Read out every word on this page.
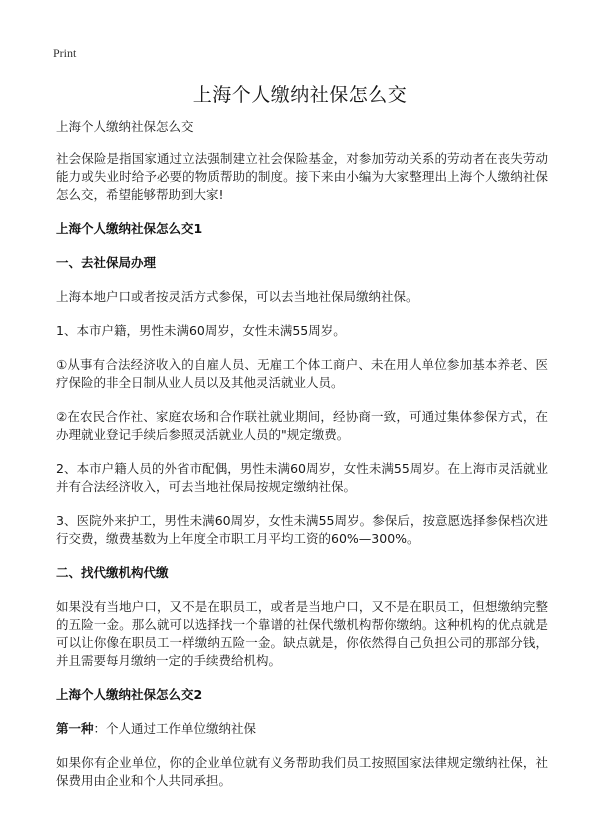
Print
上海个人缴纳社保怎么交

上海个人缴纳社保怎么交

社会保险是指国家通过立法强制建立社会保险基金，对参加劳动关系的劳动者在丧失劳动能力或失业时给予必要的物质帮助的制度。接下来由小编为大家整理出上海个人缴纳社保怎么交，希望能够帮助到大家!

上海个人缴纳社保怎么交1

一、去社保局办理

上海本地户口或者按灵活方式参保，可以去当地社保局缴纳社保。

1、本市户籍，男性未满60周岁，女性未满55周岁。

①从事有合法经济收入的自雇人员、无雇工个体工商户、未在用人单位参加基本养老、医疗保险的非全日制从业人员以及其他灵活就业人员。

②在农民合作社、家庭农场和合作联社就业期间，经协商一致，可通过集体参保方式，在办理就业登记手续后参照灵活就业人员的"规定缴费。

2、本市户籍人员的外省市配偶，男性未满60周岁，女性未满55周岁。在上海市灵活就业并有合法经济收入，可去当地社保局按规定缴纳社保。

3、医院外来护工，男性未满60周岁，女性未满55周岁。参保后，按意愿选择参保档次进行交费，缴费基数为上年度全市职工月平均工资的60%—300%。

二、找代缴机构代缴

如果没有当地户口，又不是在职员工，或者是当地户口，又不是在职员工，但想缴纳完整的五险一金。那么就可以选择找一个靠谱的社保代缴机构帮你缴纳。这种机构的优点就是可以让你像在职员工一样缴纳五险一金。缺点就是，你依然得自己负担公司的那部分钱，并且需要每月缴纳一定的手续费给机构。

上海个人缴纳社保怎么交2

第一种：个人通过工作单位缴纳社保

如果你有企业单位，你的企业单位就有义务帮助我们员工按照国家法律规定缴纳社保，社保费用由企业和个人共同承担。
